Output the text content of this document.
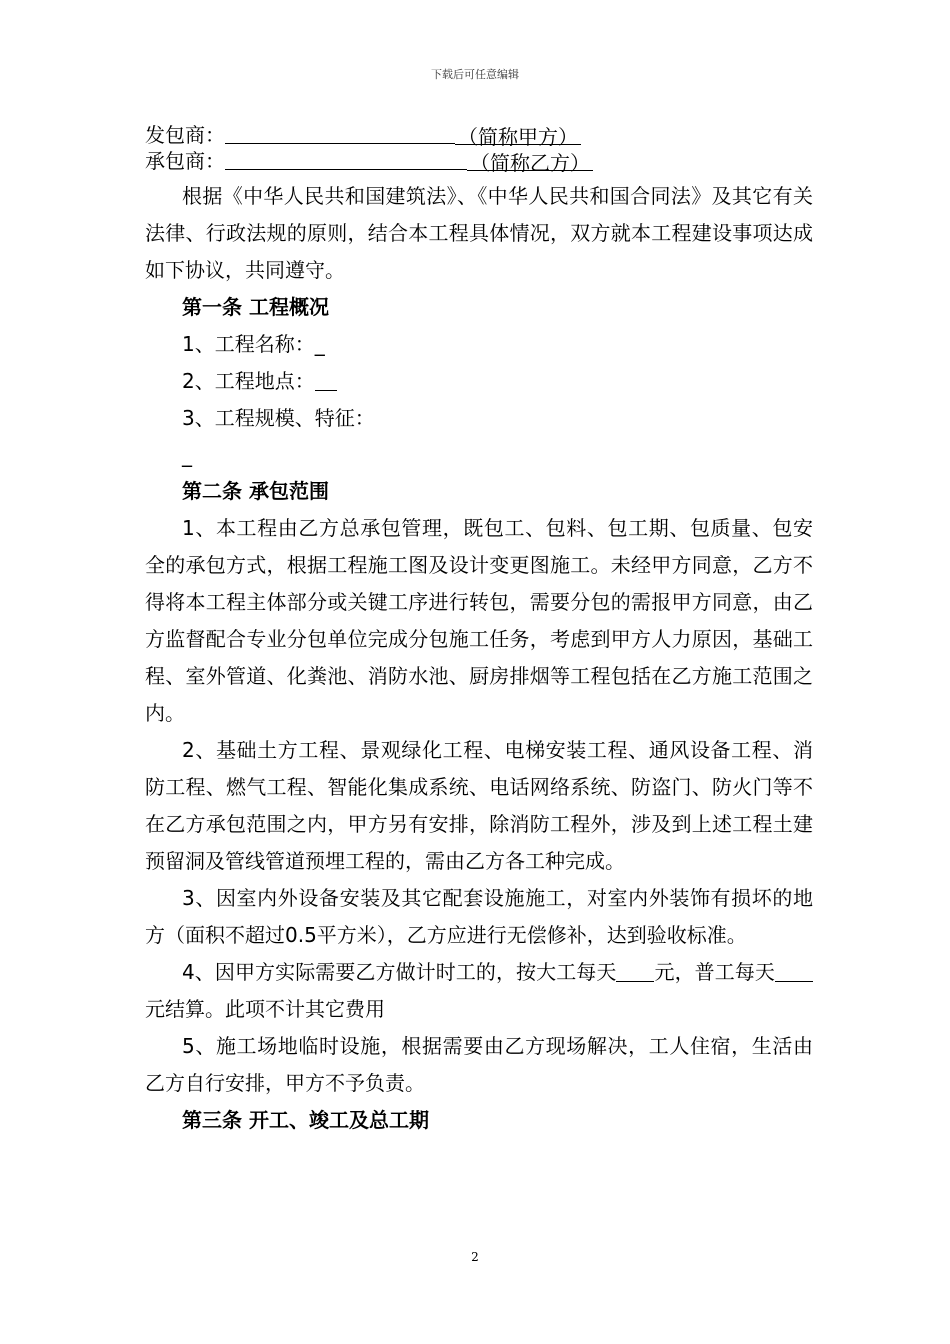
下载后可任意编辑
发包商：	（简称甲方）
承包商：	（简称乙方）

根据《中华人民共和国建筑法》、《中华人民共和国合同法》及其它有关法律、行政法规的原则，结合本工程具体情况，双方就本工程建设事项达成如下协议，共同遵守。

第一条 工程概况

1、工程名称：_

2、工程地点：

3、工程规模、特征：

_

第二条 承包范围

1、本工程由乙方总承包管理，既包工、包料、包工期、包质量、包安全的承包方式，根据工程施工图及设计变更图施工。未经甲方同意，乙方不得将本工程主体部分或关键工序进行转包，需要分包的需报甲方同意，由乙方监督配合专业分包单位完成分包施工任务，考虑到甲方人力原因，基础工程、室外管道、化粪池、消防水池、厨房排烟等工程包括在乙方施工范围之内。

2、基础土方工程、景观绿化工程、电梯安装工程、通风设备工程、消防工程、燃气工程、智能化集成系统、电话网络系统、防盗门、防火门等不在乙方承包范围之内，甲方另有安排，除消防工程外，涉及到上述工程土建预留洞及管线管道预埋工程的，需由乙方各工种完成。

3、因室内外设备安装及其它配套设施施工，对室内外装饰有损坏的地方（面积不超过0.5平方米），乙方应进行无偿修补，达到验收标准。

4、因甲方实际需要乙方做计时工的，按大工每天 元，普工每天元结算。此项不计其它费用

5、施工场地临时设施，根据需要由乙方现场解决，工人住宿，生活由乙方自行安排，甲方不予负责。

第三条 开工、竣工及总工期

2
